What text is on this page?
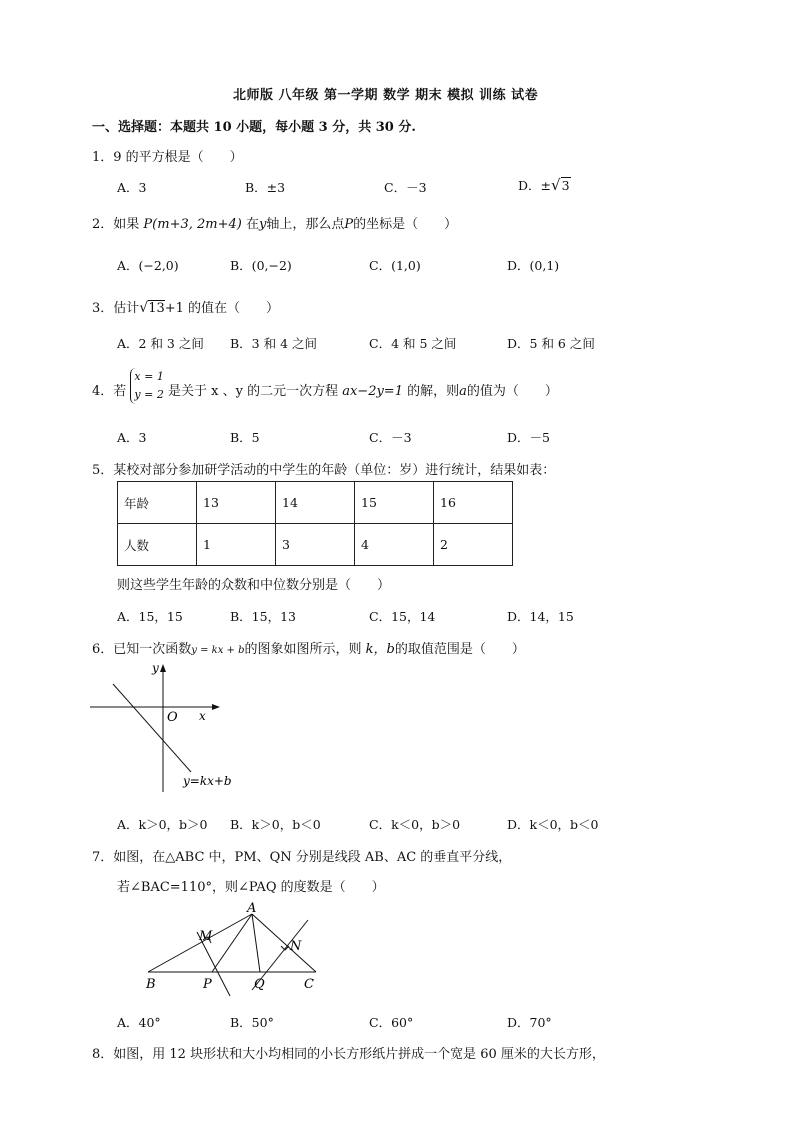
北师版 八年级 第一学期 数学 期末 模拟 训练 试卷
一、选择题：本题共 10 小题，每小题 3 分，共 30 分.
1．9 的平方根是（　　）
A．3	B．±3	C．－3	D．±√3
2．如果 P(m+3, 2m+4) 在y轴上，那么点P的坐标是（　　）
A．(−2,0)	B．(0,−2)	C．(1,0)	D．(0,1)
3．估计√13+1 的值在（　　）
A．2 和 3 之间 B．3 和 4 之间	C．4 和 5 之间	D．5 和 6 之间
4．若
x = 1
y = 2 是关于 x 、y 的二元一次方程 ax−2y=1 的解，则a的值为（　　）
A．3	B．5	C．－3	D．－5
5．某校对部分参加研学活动的中学生的年龄（单位：岁）进行统计，结果如表：
年龄	13	14	15	16
人数	1	3	4	2
则这些学生年龄的众数和中位数分别是（　　）
A．15，15	B．15，13	C．15，14	D．14，15
6．已知一次函数y = kx + b的图象如图所示，则 k，b的取值范围是（　　）
y
x
O
y=kx+b
A．k＞0，b＞0 B．k＞0，b＜0	C．k＜0，b＞0	D．k＜0，b＜0
7．如图，在△ABC 中，PM、QN 分别是线段 AB、AC 的垂直平分线，
若∠BAC=110°，则∠PAQ 的度数是（　　）
A
B	C
M
N
P	Q
A．40°	B．50°	C．60°	D．70°
8．如图，用 12 块形状和大小均相同的小长方形纸片拼成一个宽是 60 厘米的大长方形，
